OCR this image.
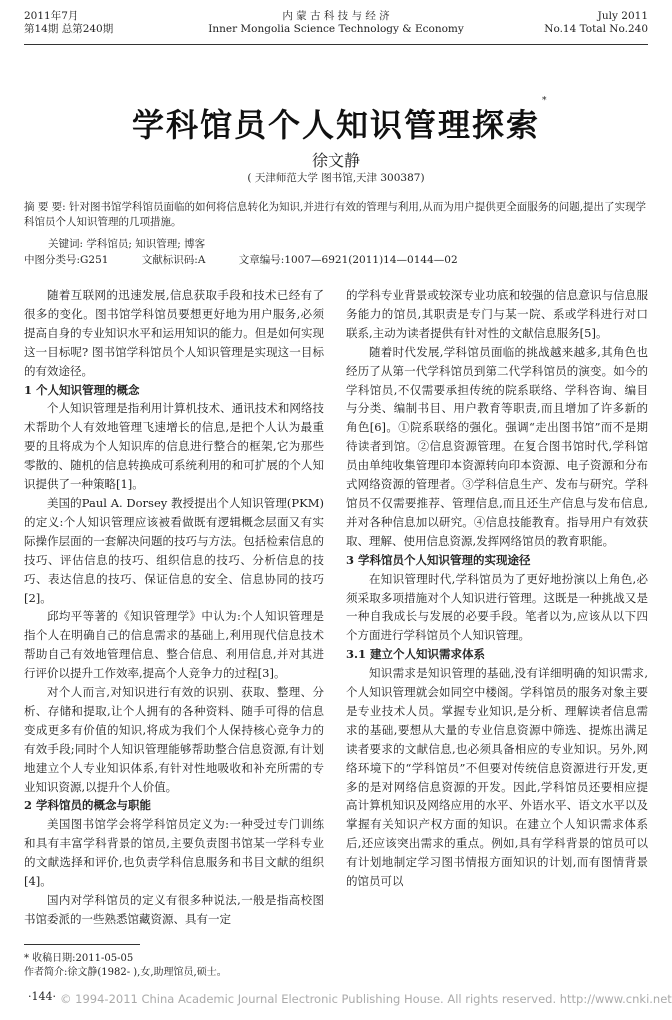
2011年7月
第14期 总第240期
内 蒙 古 科 技 与 经 济
Inner Mongolia Science Technology & Economy
July 2011
No.14 Total No.240
学科馆员个人知识管理探索
*
徐文静
( 天津师范大学 图书馆,天津 300387)
摘 要 要: 针对图书馆学科馆员面临的如何将信息转化为知识,并进行有效的管理与利用,从而为用户提供更全面服务的问题,提出了实现学科馆员个人知识管理的几项措施。
关键词: 学科馆员; 知识管理; 博客
中图分类号:G251	文献标识码:A	文章编号:1007—6921(2011)14—0144—02

随着互联网的迅速发展,信息获取手段和技术已经有了很多的变化。图书馆学科馆员要想更好地为用户服务,必须提高自身的专业知识水平和运用知识的能力。但是如何实现这一目标呢? 图书馆学科馆员个人知识管理是实现这一目标的有效途径。

1 个人知识管理的概念

个人知识管理是指利用计算机技术、通讯技术和网络技术帮助个人有效地管理飞速增长的信息,是把个人认为最重要的且将成为个人知识库的信息进行整合的框架,它为那些零散的、随机的信息转换成可系统利用的和可扩展的个人知识提供了一种策略[1]。

美国的Paul A. Dorsey 教授提出个人知识管理(PKM)的定义:个人知识管理应该被看做既有逻辑概念层面又有实际操作层面的一套解决问题的技巧与方法。包括检索信息的技巧、评估信息的技巧、组织信息的技巧、分析信息的技巧、表达信息的技巧、保证信息的安全、信息协同的技巧[2]。

邱均平等著的《知识管理学》中认为:个人知识管理是指个人在明确自己的信息需求的基础上,利用现代信息技术帮助自己有效地管理信息、整合信息、利用信息,并对其进行评价以提升工作效率,提高个人竞争力的过程[3]。

对个人而言,对知识进行有效的识别、获取、整理、分析、存储和提取,让个人拥有的各种资料、随手可得的信息变成更多有价值的知识,将成为我们个人保持核心竞争力的有效手段;同时个人知识管理能够帮助整合信息资源,有计划地建立个人专业知识体系,有针对性地吸收和补充所需的专业知识资源,以提升个人价值。

2 学科馆员的概念与职能

美国图书馆学会将学科馆员定义为:一种受过专门训练和具有丰富学科背景的馆员,主要负责图书馆某一学科专业的文献选择和评价,也负责学科信息服务和书目文献的组织[4]。

国内对学科馆员的定义有很多种说法,一般是指高校图书馆委派的一些熟悉馆藏资源、具有一定

的学科专业背景或较深专业功底和较强的信息意识与信息服务能力的馆员,其职责是专门与某一院、系或学科进行对口联系,主动为读者提供有针对性的文献信息服务[5]。

随着时代发展,学科馆员面临的挑战越来越多,其角色也经历了从第一代学科馆员到第二代学科馆员的演变。如今的学科馆员,不仅需要承担传统的院系联络、学科咨询、编目与分类、编制书目、用户教育等职责,而且增加了许多新的角色[6]。①院系联络的强化。强调“走出图书馆”而不是期待读者到馆。②信息资源管理。在复合图书馆时代,学科馆员由单纯收集管理印本资源转向印本资源、电子资源和分布式网络资源的管理者。③学科信息生产、发布与研究。学科馆员不仅需要推荐、管理信息,而且还生产信息与发布信息,并对各种信息加以研究。④信息技能教育。指导用户有效获取、理解、使用信息资源,发挥网络馆员的教育职能。

3 学科馆员个人知识管理的实现途径

在知识管理时代,学科馆员为了更好地扮演以上角色,必须采取多项措施对个人知识进行管理。这既是一种挑战又是一种自我成长与发展的必要手段。笔者以为,应该从以下四个方面进行学科馆员个人知识管理。

3.1 建立个人知识需求体系

知识需求是知识管理的基础,没有详细明确的知识需求,个人知识管理就会如同空中楼阁。学科馆员的服务对象主要是专业技术人员。掌握专业知识,是分析、理解读者信息需求的基础,要想从大量的专业信息资源中筛选、提炼出满足读者要求的文献信息,也必须具备相应的专业知识。另外,网络环境下的“学科馆员”不但要对传统信息资源进行开发,更多的是对网络信息资源的开发。因此,学科馆员还要相应提高计算机知识及网络应用的水平、外语水平、语文水平以及掌握有关知识产权方面的知识。在建立个人知识需求体系后,还应该突出需求的重点。例如,具有学科背景的馆员可以有计划地制定学习图书情报方面知识的计划,而有图情背景的馆员可以

* 收稿日期:2011-05-05
作者简介:徐文静(1982- ),女,助理馆员,硕士。
·144· © 1994-2011 China Academic Journal Electronic Publishing House. All rights reserved. http://www.cnki.net
